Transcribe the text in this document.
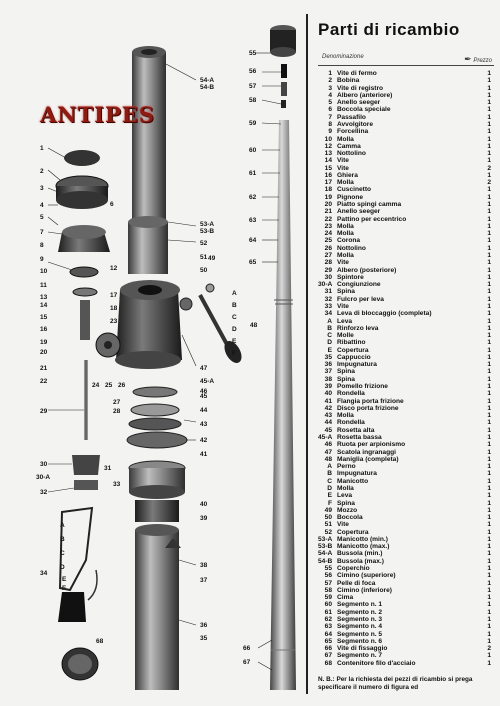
1
2
3
4
5
6
7
8
9
10
11
12
13
14
15
16
17
18
19
20
21
22
23
24 25 26
27
28
29
30
30-A
31
32
33
34
A
A
B
B
C
C
D
D
E
E
F
F
35
36
37
38
39
40
41
42
43
44
45
45-A
46
47
48
49
50
51
52
53-A
53-B
54-A
54-B
55
56
57
58
59
60
61
62
63
64
65
66
67
68
ANTIPES
Parti di ricambio
Denominazione	✒ Prezzo
1 Vite di fermo	1
2 Bobina	1
3 Vite di registro	1
4 Albero (anteriore)	1
5 Anello seeger	1
6 Boccola speciale	1
7 Passafilo	1
8 Avvolgitore	1
9 Forcellina	1
10 Molla	1
12 Camma	1
13 Nottolino	1
14 Vite	1
15 Vite	2
16 Ghiera	1
17 Molla	2
18 Cuscinetto	1
19 Pignone	1
20 Piatto spingi camma	1
21 Anello seeger	1
22 Pattino per eccentrico	1
23 Molla	1
24 Molla	1
25 Corona	1
26 Nottolino	1
27 Molla	1
28 Vite	1
29 Albero (posteriore)	1
30 Spintore	1
30-A Congiunzione	1
31 Spina	1
32 Fulcro per leva	1
33 Vite	1
34 Leva di bloccaggio (completa)	1
A Leva	1
B Rinforzo leva	1
C Molle	1
D Ribattino	1
E Copertura	1
35 Cappuccio	1
36 Impugnatura	1
37 Spina	1
38 Spina	1
39 Pomello frizione	1
40 Rondella	1
41 Flangia porta frizione	1
42 Disco porta frizione	1
43 Molla	1
44 Rondella	1
45 Rosetta alta	1
45-A Rosetta bassa	1
46 Ruota per arpionismo	1
47 Scatola ingranaggi	1
48 Maniglia (completa)	1
A Perno	1
B Impugnatura	1
C Manicotto	1
D Molla	1
E Leva	1
F Spina	1
49 Mozzo	1
50 Boccola	1
51 Vite	1
52 Copertura	1
53-A Manicotto (min.)	1
53-B Manicotto (max.)	1
54-A Bussola (min.)	1
54-B Bussola (max.)	1
55 Coperchio	1
56 Cimino (superiore)	1
57 Pelle di foca	1
58 Cimino (inferiore)	1
59 Cima	1
60 Segmento n. 1	1
61 Segmento n. 2	1
62 Segmento n. 3	1
63 Segmento n. 4	1
64 Segmento n. 5	1
65 Segmento n. 6	1
66 Vite di fissaggio	2
67 Segmento n. 7	1
68 Contenitore filo d'acciaio	1
N. B.: Per la richiesta dei pezzi di ricambio si prega specificare il numero di figura ed
